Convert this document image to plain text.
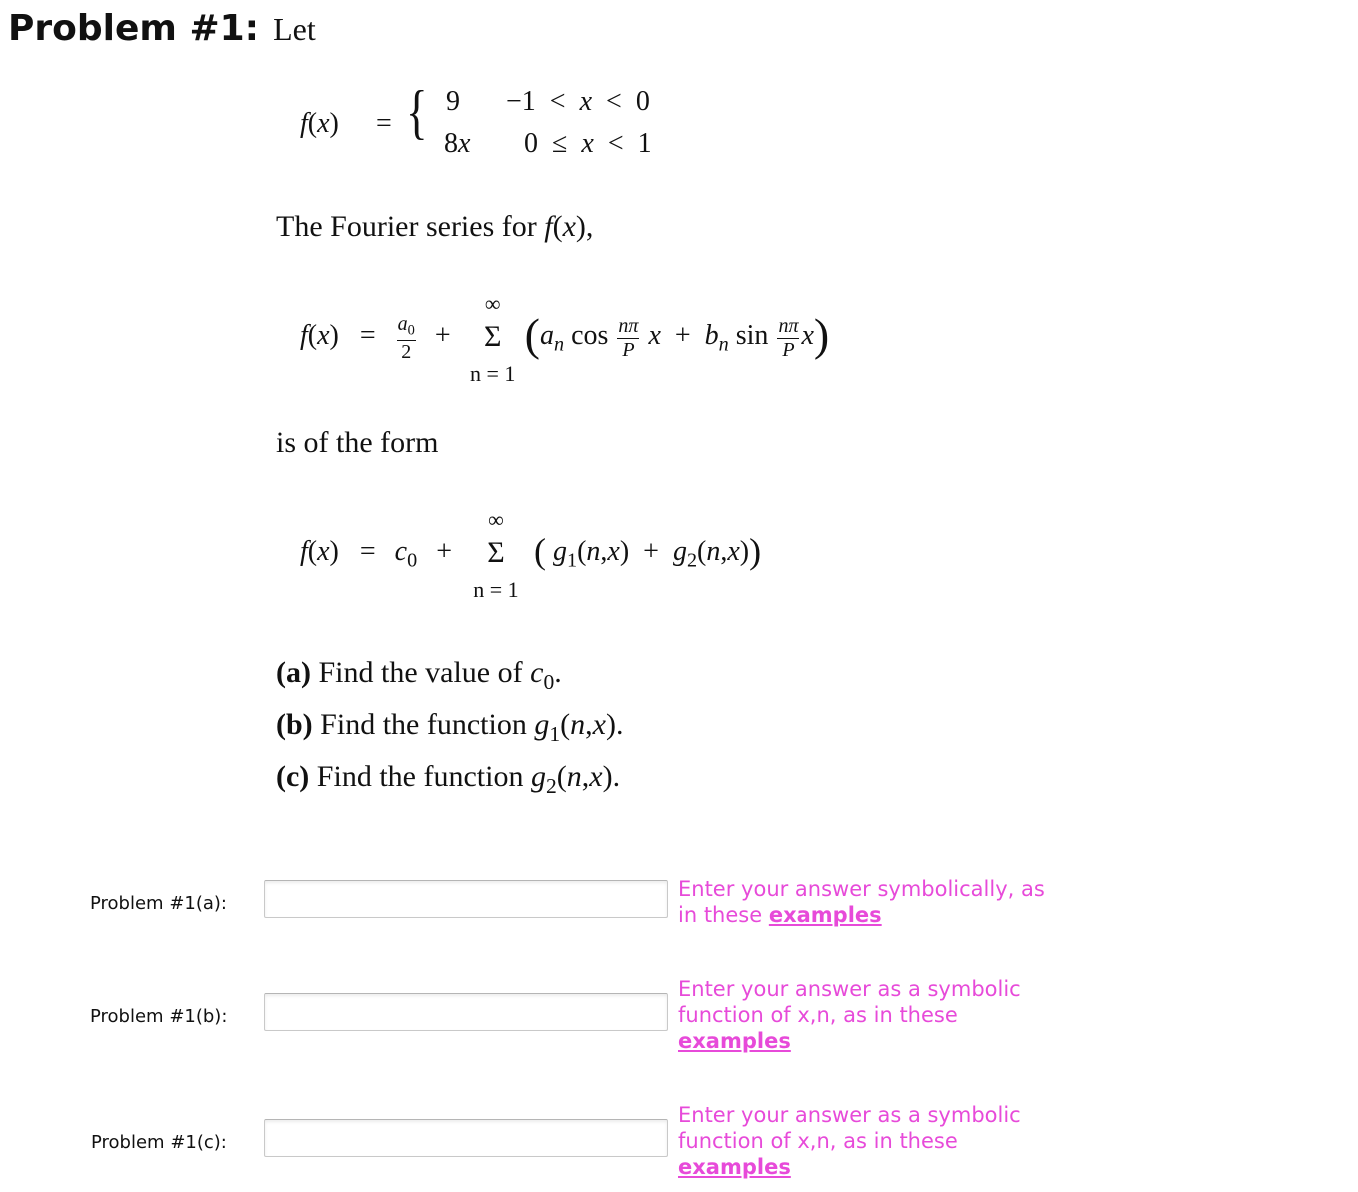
Problem #1: Let
f(x) = { 9
8x
−1  <  x  <  0
0  ≤  x  <  1
The Fourier series for f(x),
$f(x) = \frac{a_0}{2}$ +
∞
Σ
n = 1
($a_n$ $\cos \frac{n\pi}{P}$ $x + b_n$ $\sin \frac{n\pi}{P} x$)
is of the form
$f(x) = c_0$ +
∞
Σ
n = 1
( $g_1(n,x) + g_2(n,x)$)
(a) Find the value of $c_0$.
(b) Find the function $g_1(n,x)$.
(c) Find the function $g_2(n,x)$.
Problem #1(a):
Enter your answer symbolically, as in these examples
Problem #1(b):
Enter your answer as a symbolic function of x,n, as in these examples
Problem #1(c):
Enter your answer as a symbolic function of x,n, as in these examples
